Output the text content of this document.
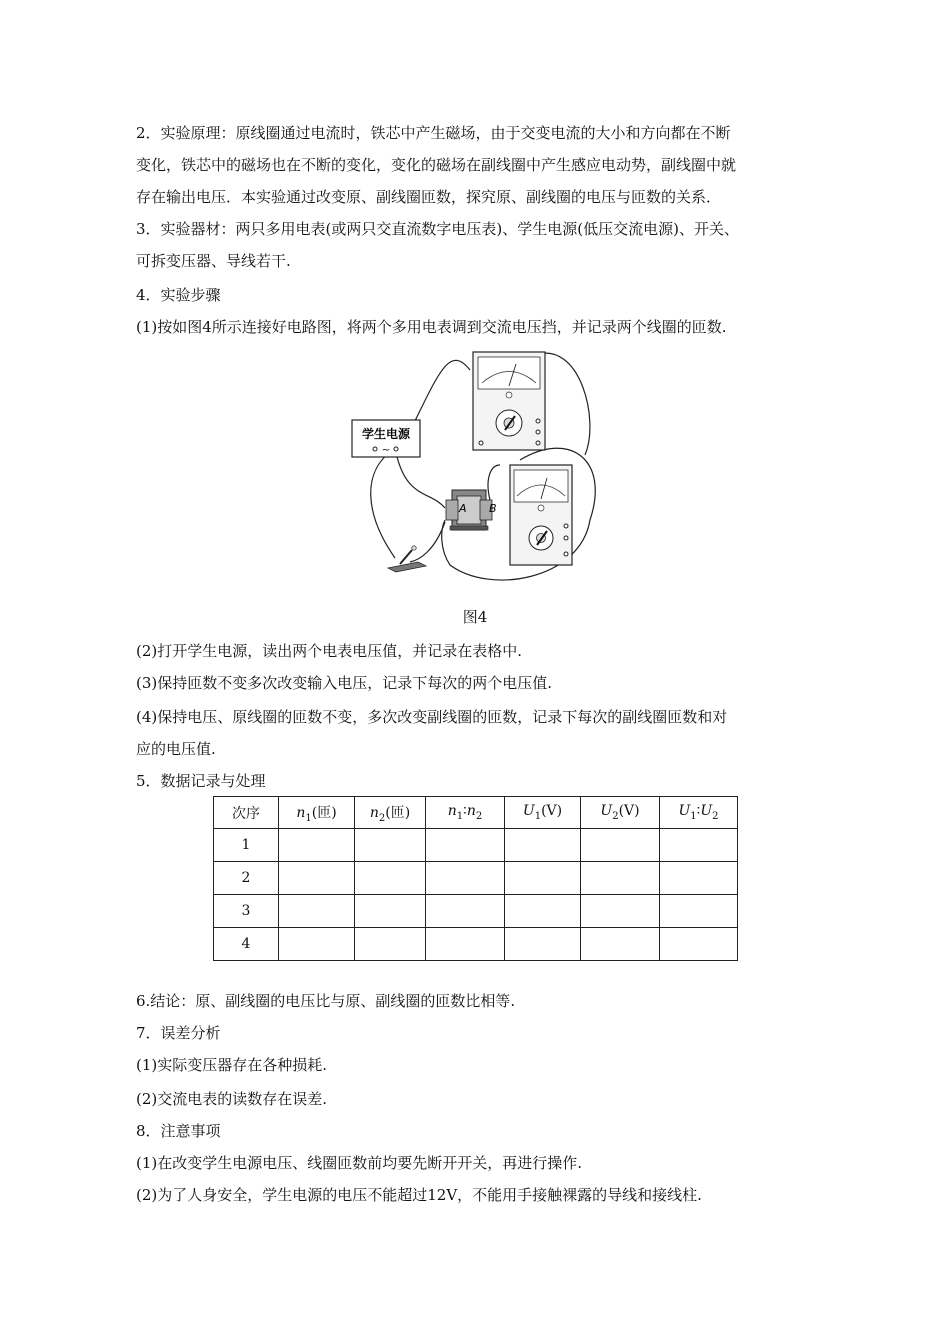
2．实验原理：原线圈通过电流时，铁芯中产生磁场，由于交变电流的大小和方向都在不断
变化，铁芯中的磁场也在不断的变化，变化的磁场在副线圈中产生感应电动势，副线圈中就
存在输出电压．本实验通过改变原、副线圈匝数，探究原、副线圈的电压与匝数的关系．
3．实验器材：两只多用电表(或两只交直流数字电压表)、学生电源(低压交流电源)、开关、
可拆变压器、导线若干.
4．实验步骤
(1)按如图4所示连接好电路图，将两个多用电表调到交流电压挡，并记录两个线圈的匝数.
学生电源
~
A B
图4
(2)打开学生电源，读出两个电表电压值，并记录在表格中.
(3)保持匝数不变多次改变输入电压，记录下每次的两个电压值.
(4)保持电压、原线圈的匝数不变，多次改变副线圈的匝数，记录下每次的副线圈匝数和对
应的电压值.
5．数据记录与处理
次序	$n_1$(匝)	$n_2$(匝)	$n_1∶n_2$	$U_1(V)$	$U_2(V)$	$U_1∶U_2$
1						
2						
3						
4						
6.结论：原、副线圈的电压比与原、副线圈的匝数比相等.
7．误差分析
(1)实际变压器存在各种损耗.
(2)交流电表的读数存在误差.
8．注意事项
(1)在改变学生电源电压、线圈匝数前均要先断开开关，再进行操作.
(2)为了人身安全，学生电源的电压不能超过12V，不能用手接触裸露的导线和接线柱.
